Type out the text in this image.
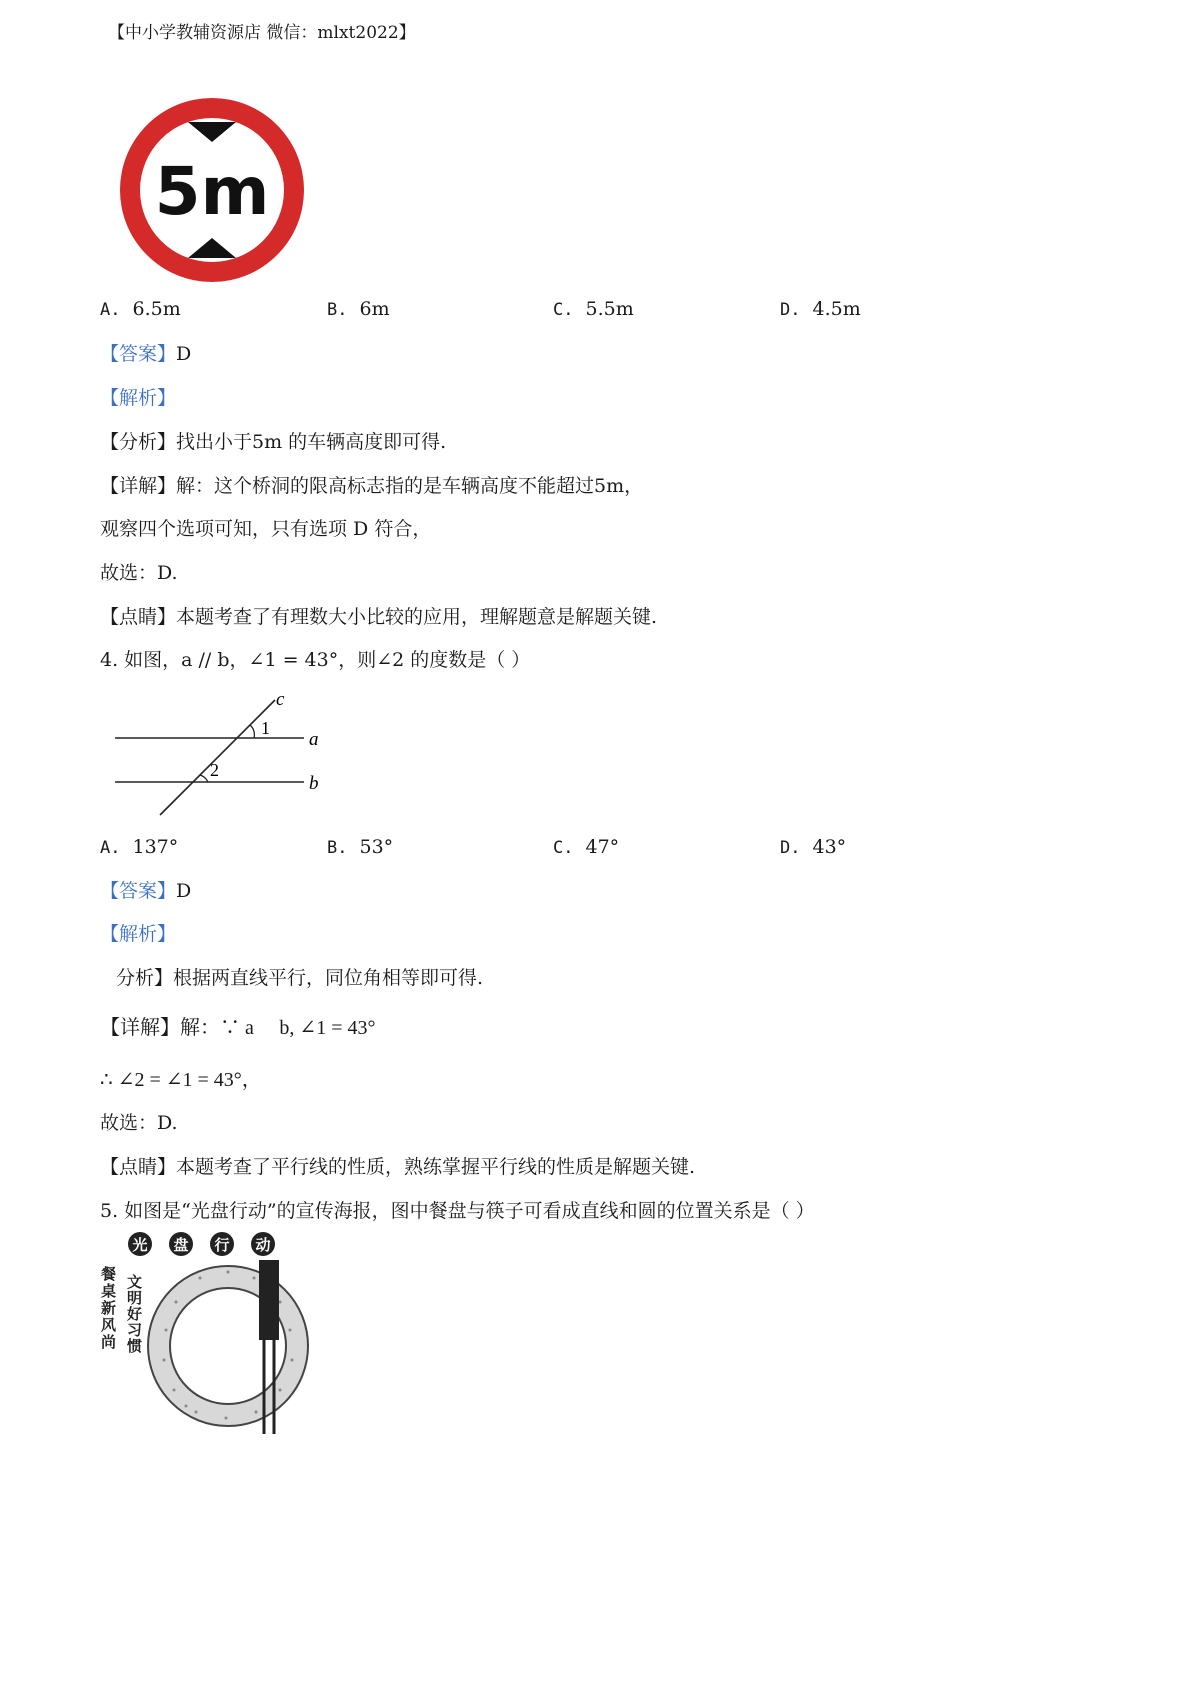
【中小学教辅资源店 微信：mlxt2022】
5m
A. 6.5m	B. 6m	C. 5.5m	D. 4.5m
【答案】D
【解析】
【分析】找出小于5m 的车辆高度即可得.
【详解】解：这个桥洞的限高标志指的是车辆高度不能超过5m，
观察四个选项可知，只有选项 D 符合，
故选：D.
【点睛】本题考查了有理数大小比较的应用，理解题意是解题关键.
4. 如图，a // b，∠1 = 43°，则∠2 的度数是（ ）
c
a
b
1
2
A. 137°	B. 53°	C. 47°	D. 43°
【答案】D
【解析】
分析】根据两直线平行，同位角相等即可得.
【详解】解：∵ a ⃞ b, ∠1 = 43°，
∴ ∠2 = ∠1 = 43°，
故选：D.
【点睛】本题考查了平行线的性质，熟练掌握平行线的性质是解题关键.
5. 如图是“光盘行动”的宣传海报，图中餐盘与筷子可看成直线和圆的位置关系是（ ）
光 盘 行 动
餐桌新风尚 文明好习惯
